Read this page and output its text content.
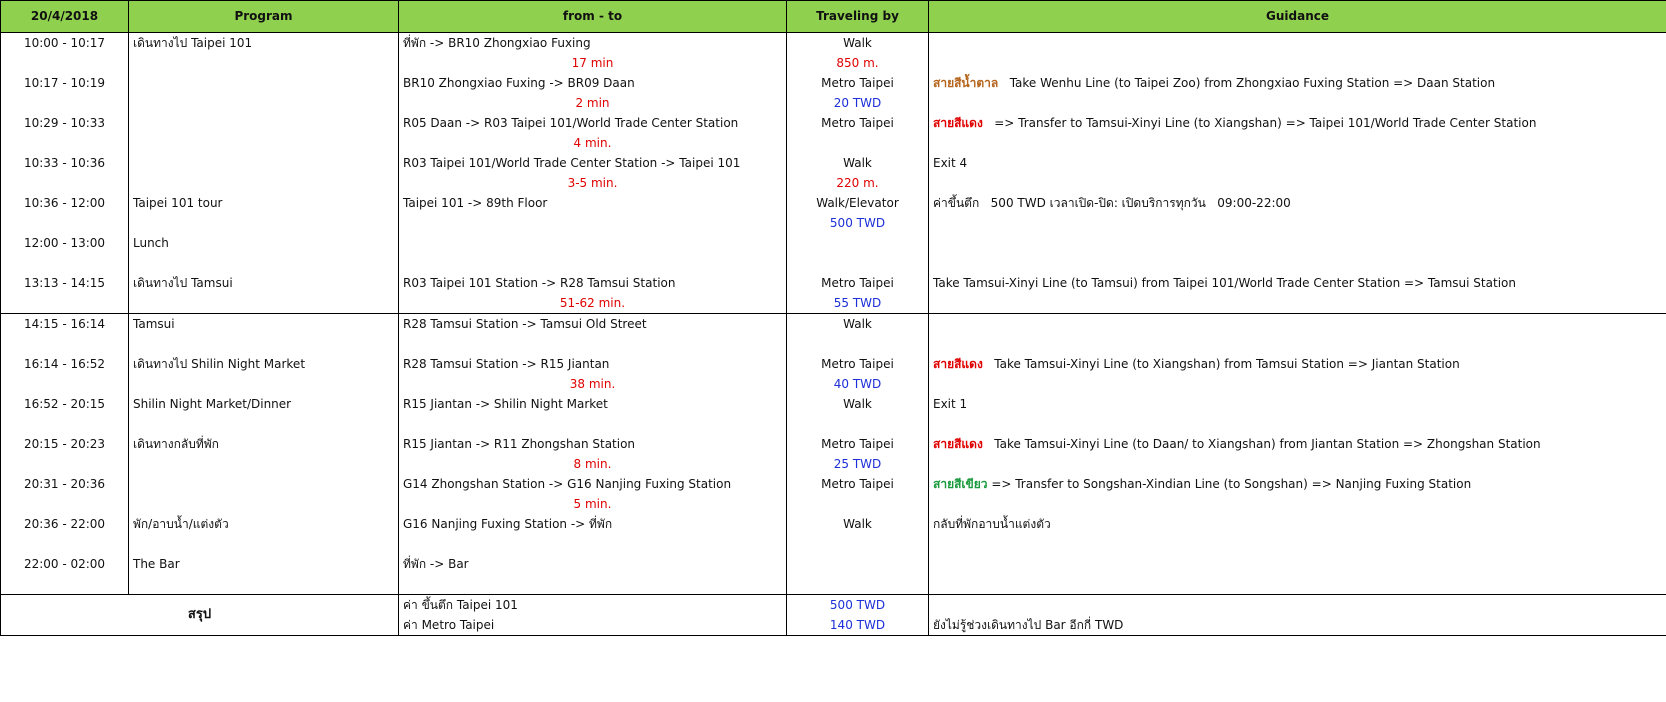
20/4/2018	Program	from - to	Traveling by	Guidance
10:00 - 10:17	เดินทางไป Taipei 101	ที่พัก -> BR10 Zhongxiao Fuxing	Walk	
		17 min	850 m.	
10:17 - 10:19		BR10 Zhongxiao Fuxing -> BR09 Daan	Metro Taipei	สายสีน้ำตาล   Take Wenhu Line (to Taipei Zoo) from Zhongxiao Fuxing Station => Daan Station
		2 min	20 TWD	
10:29 - 10:33		R05 Daan -> R03 Taipei 101/World Trade Center Station	Metro Taipei	สายสีแดง   => Transfer to Tamsui-Xinyi Line (to Xiangshan) => Taipei 101/World Trade Center Station
		4 min.		
10:33 - 10:36		R03 Taipei 101/World Trade Center Station -> Taipei 101	Walk	Exit 4
		3-5 min.	220 m.	
10:36 - 12:00	Taipei 101 tour	Taipei 101 -> 89th Floor	Walk/Elevator	ค่าขึ้นตึก   500 TWD เวลาเปิด-ปิด: เปิดบริการทุกวัน   09:00-22:00
			500 TWD	
12:00 - 13:00	Lunch			

13:13 - 14:15	เดินทางไป Tamsui	R03 Taipei 101 Station -> R28 Tamsui Station	Metro Taipei	Take Tamsui-Xinyi Line (to Tamsui) from Taipei 101/World Trade Center Station => Tamsui Station
		51-62 min.	55 TWD	
14:15 - 16:14	Tamsui	R28 Tamsui Station -> Tamsui Old Street	Walk	

16:14 - 16:52	เดินทางไป Shilin Night Market	R28 Tamsui Station -> R15 Jiantan	Metro Taipei	สายสีแดง   Take Tamsui-Xinyi Line (to Xiangshan) from Tamsui Station => Jiantan Station
		38 min.	40 TWD	
16:52 - 20:15	Shilin Night Market/Dinner	R15 Jiantan -> Shilin Night Market	Walk	Exit 1

20:15 - 20:23	เดินทางกลับที่พัก	R15 Jiantan -> R11 Zhongshan Station	Metro Taipei	สายสีแดง   Take Tamsui-Xinyi Line (to Daan/ to Xiangshan) from Jiantan Station => Zhongshan Station
		8 min.	25 TWD	
20:31 - 20:36		G14 Zhongshan Station -> G16 Nanjing Fuxing Station	Metro Taipei	สายสีเขียว => Transfer to Songshan-Xindian Line (to Songshan) => Nanjing Fuxing Station
		5 min.		
20:36 - 22:00	พัก/อาบน้ำ/แต่งตัว	G16 Nanjing Fuxing Station -> ที่พัก	Walk	กลับที่พักอาบน้ำแต่งตัว

22:00 - 02:00	The Bar	ที่พัก -> Bar		

สรุป		ค่า ขึ้นตึก Taipei 101	500 TWD	
		ค่า Metro Taipei	140 TWD	ยังไม่รู้ช่วงเดินทางไป Bar อีกกี่ TWD
